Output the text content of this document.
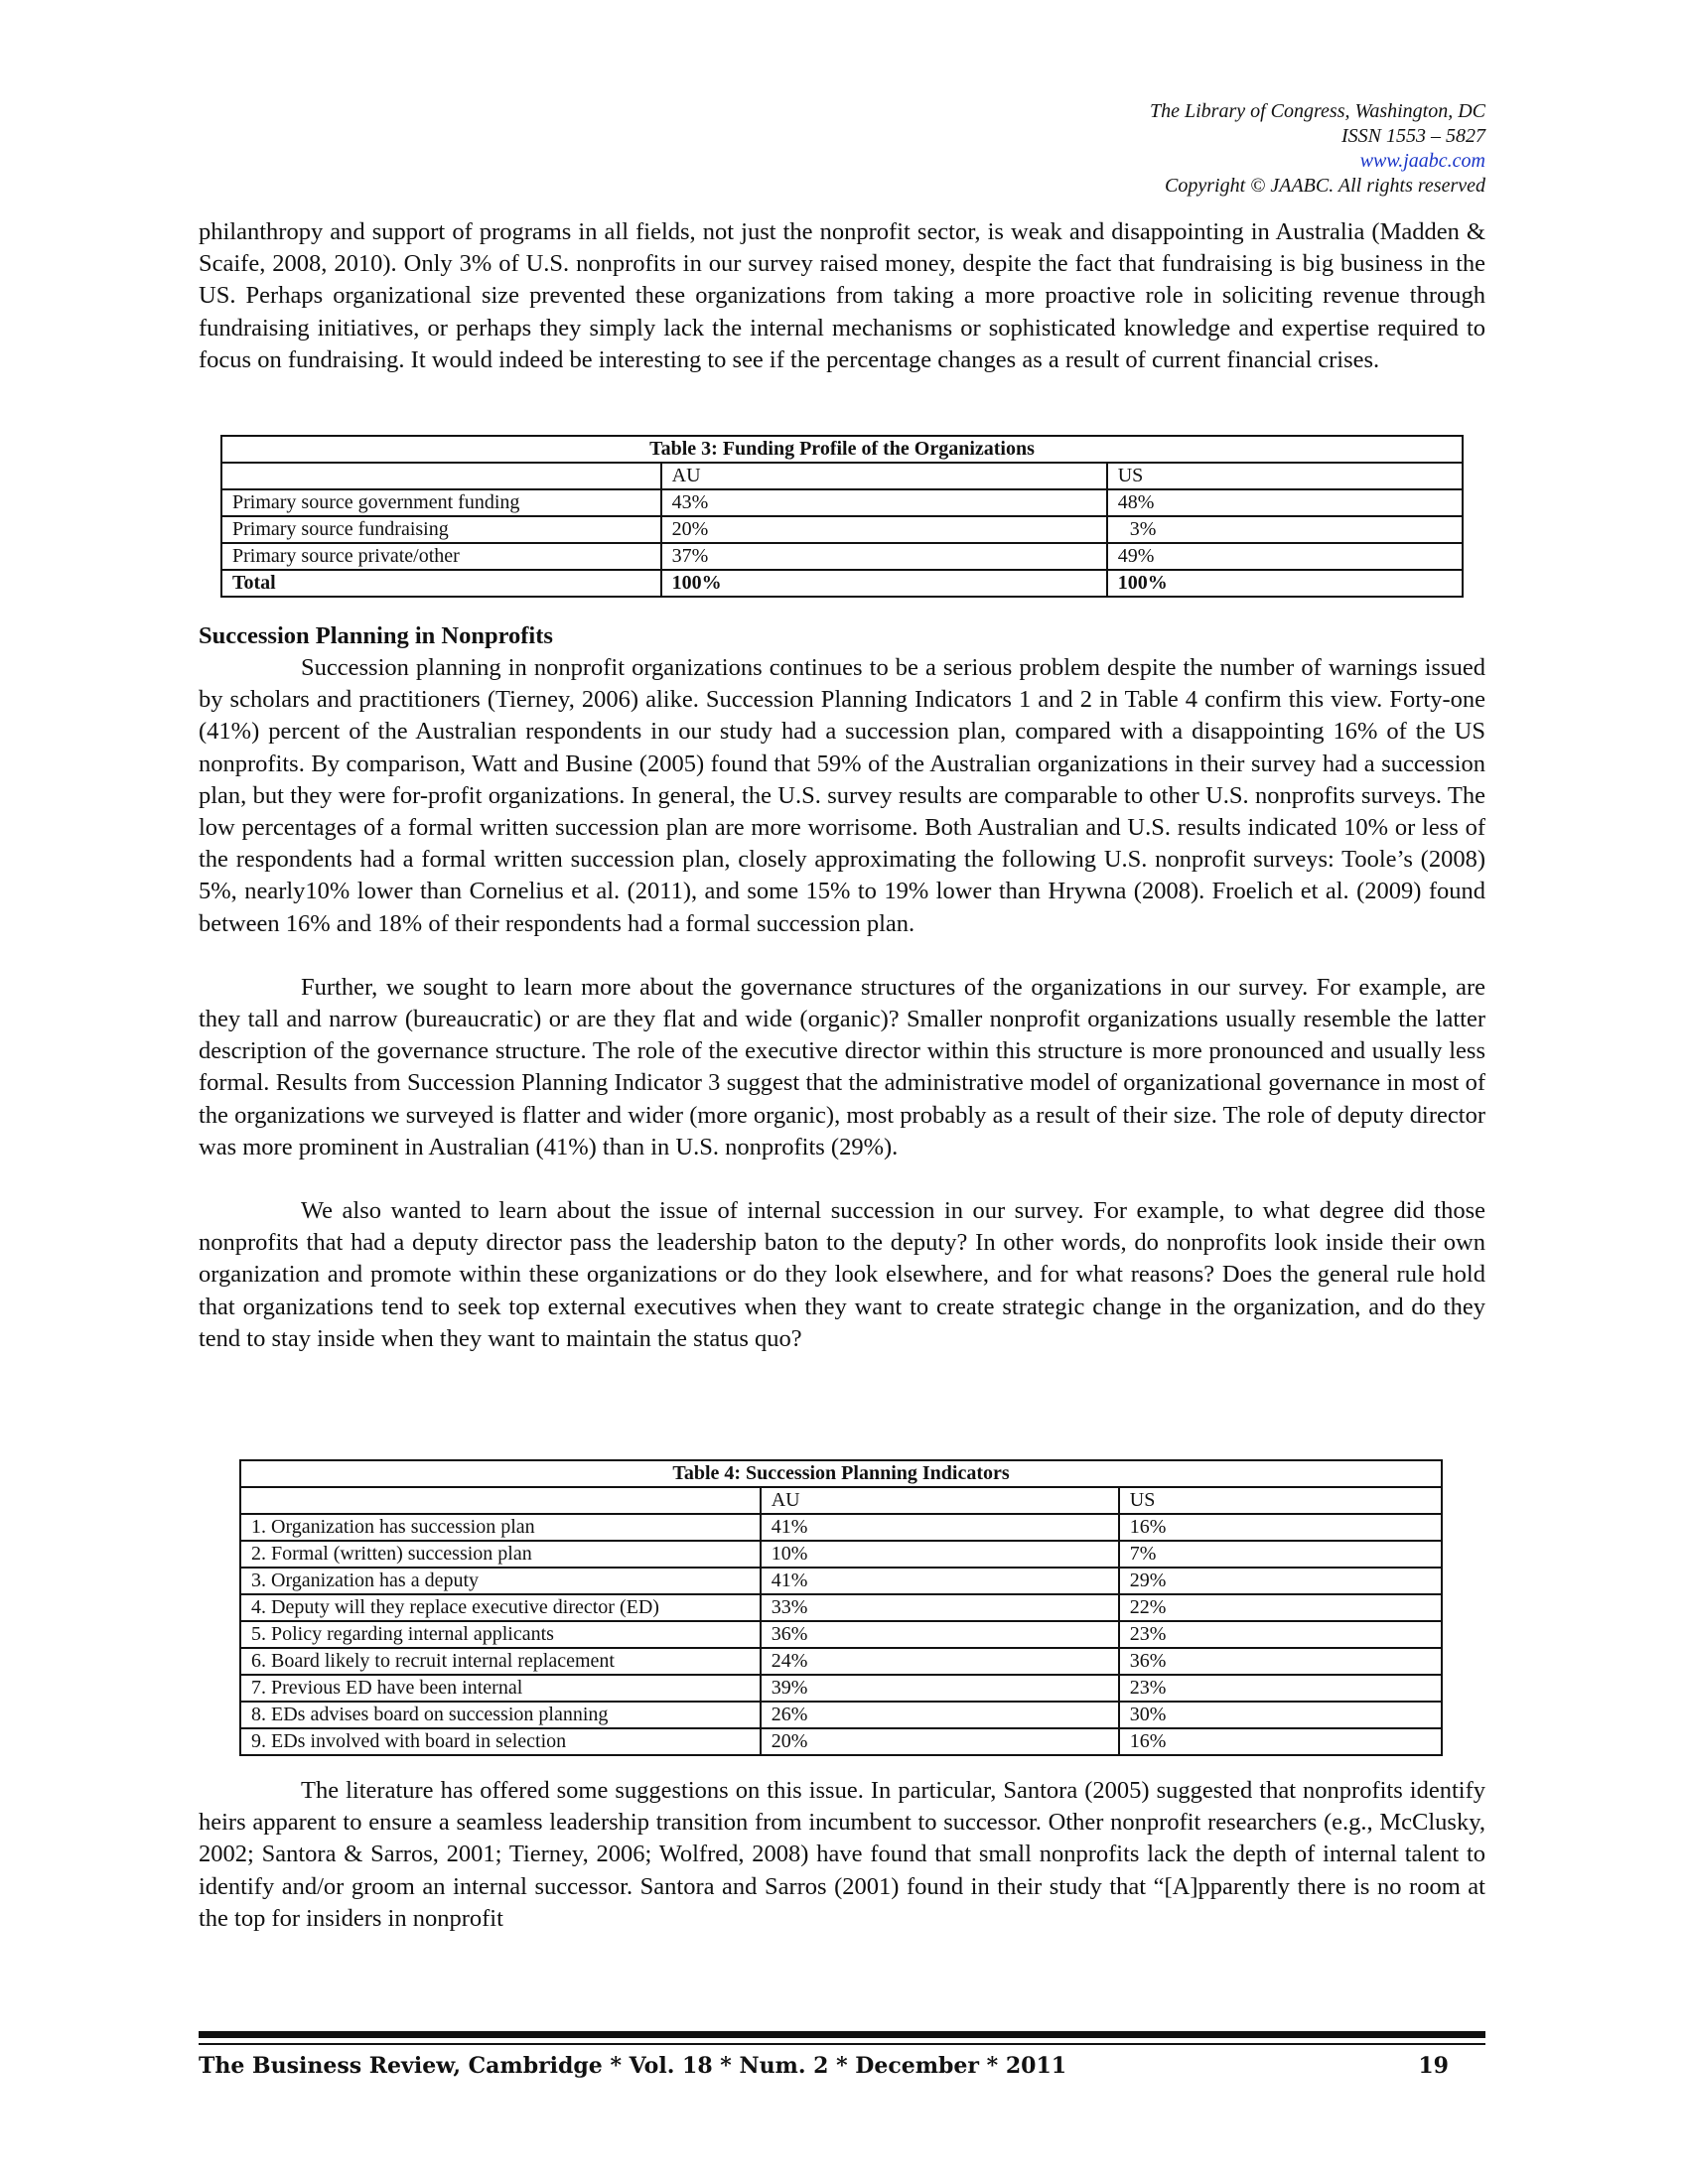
The Library of Congress, Washington, DC
ISSN 1553 – 5827
www.jaabc.com
Copyright © JAABC. All rights reserved

philanthropy and support of programs in all fields, not just the nonprofit sector, is weak and disappointing in Australia (Madden & Scaife, 2008, 2010). Only 3% of U.S. nonprofits in our survey raised money, despite the fact that fundraising is big business in the US. Perhaps organizational size prevented these organizations from taking a more proactive role in soliciting revenue through fundraising initiatives, or perhaps they simply lack the internal mechanisms or sophisticated knowledge and expertise required to focus on fundraising. It would indeed be interesting to see if the percentage changes as a result of current financial crises.

Table 3: Funding Profile of the Organizations		
	AU	US
Primary source government funding	43%	48%
Primary source fundraising	20%	3%
Primary source private/other	37%	49%
Total	100%	100%
Succession Planning in Nonprofits

Succession planning in nonprofit organizations continues to be a serious problem despite the number of warnings issued by scholars and practitioners (Tierney, 2006) alike. Succession Planning Indicators 1 and 2 in Table 4 confirm this view. Forty-one (41%) percent of the Australian respondents in our study had a succession plan, compared with a disappointing 16% of the US nonprofits. By comparison, Watt and Busine (2005) found that 59% of the Australian organizations in their survey had a succession plan, but they were for-profit organizations. In general, the U.S. survey results are comparable to other U.S. nonprofits surveys. The low percentages of a formal written succession plan are more worrisome. Both Australian and U.S. results indicated 10% or less of the respondents had a formal written succession plan, closely approximating the following U.S. nonprofit surveys: Toole’s (2008) 5%, nearly10% lower than Cornelius et al. (2011), and some 15% to 19% lower than Hrywna (2008). Froelich et al. (2009) found between 16% and 18% of their respondents had a formal succession plan.

Further, we sought to learn more about the governance structures of the organizations in our survey. For example, are they tall and narrow (bureaucratic) or are they flat and wide (organic)? Smaller nonprofit organizations usually resemble the latter description of the governance structure. The role of the executive director within this structure is more pronounced and usually less formal. Results from Succession Planning Indicator 3 suggest that the administrative model of organizational governance in most of the organizations we surveyed is flatter and wider (more organic), most probably as a result of their size. The role of deputy director was more prominent in Australian (41%) than in U.S. nonprofits (29%).

We also wanted to learn about the issue of internal succession in our survey. For example, to what degree did those nonprofits that had a deputy director pass the leadership baton to the deputy? In other words, do nonprofits look inside their own organization and promote within these organizations or do they look elsewhere, and for what reasons? Does the general rule hold that organizations tend to seek top external executives when they want to create strategic change in the organization, and do they tend to stay inside when they want to maintain the status quo?

Table 4: Succession Planning Indicators		
	AU	US
1. Organization has succession plan	41%	16%
2. Formal (written) succession plan	10%	7%
3. Organization has a deputy	41%	29%
4. Deputy will they replace executive director (ED)	33%	22%
5. Policy regarding internal applicants	36%	23%
6. Board likely to recruit internal replacement	24%	36%
7. Previous ED have been internal	39%	23%
8. EDs advises board on succession planning	26%	30%
9. EDs involved with board in selection	20%	16%

The literature has offered some suggestions on this issue. In particular, Santora (2005) suggested that nonprofits identify heirs apparent to ensure a seamless leadership transition from incumbent to successor. Other nonprofit researchers (e.g., McClusky, 2002; Santora & Sarros, 2001; Tierney, 2006; Wolfred, 2008) have found that small nonprofits lack the depth of internal talent to identify and/or groom an internal successor. Santora and Sarros (2001) found in their study that “[A]pparently there is no room at the top for insiders in nonprofit

The Business Review, Cambridge * Vol. 18 * Num. 2 * December * 2011	19
